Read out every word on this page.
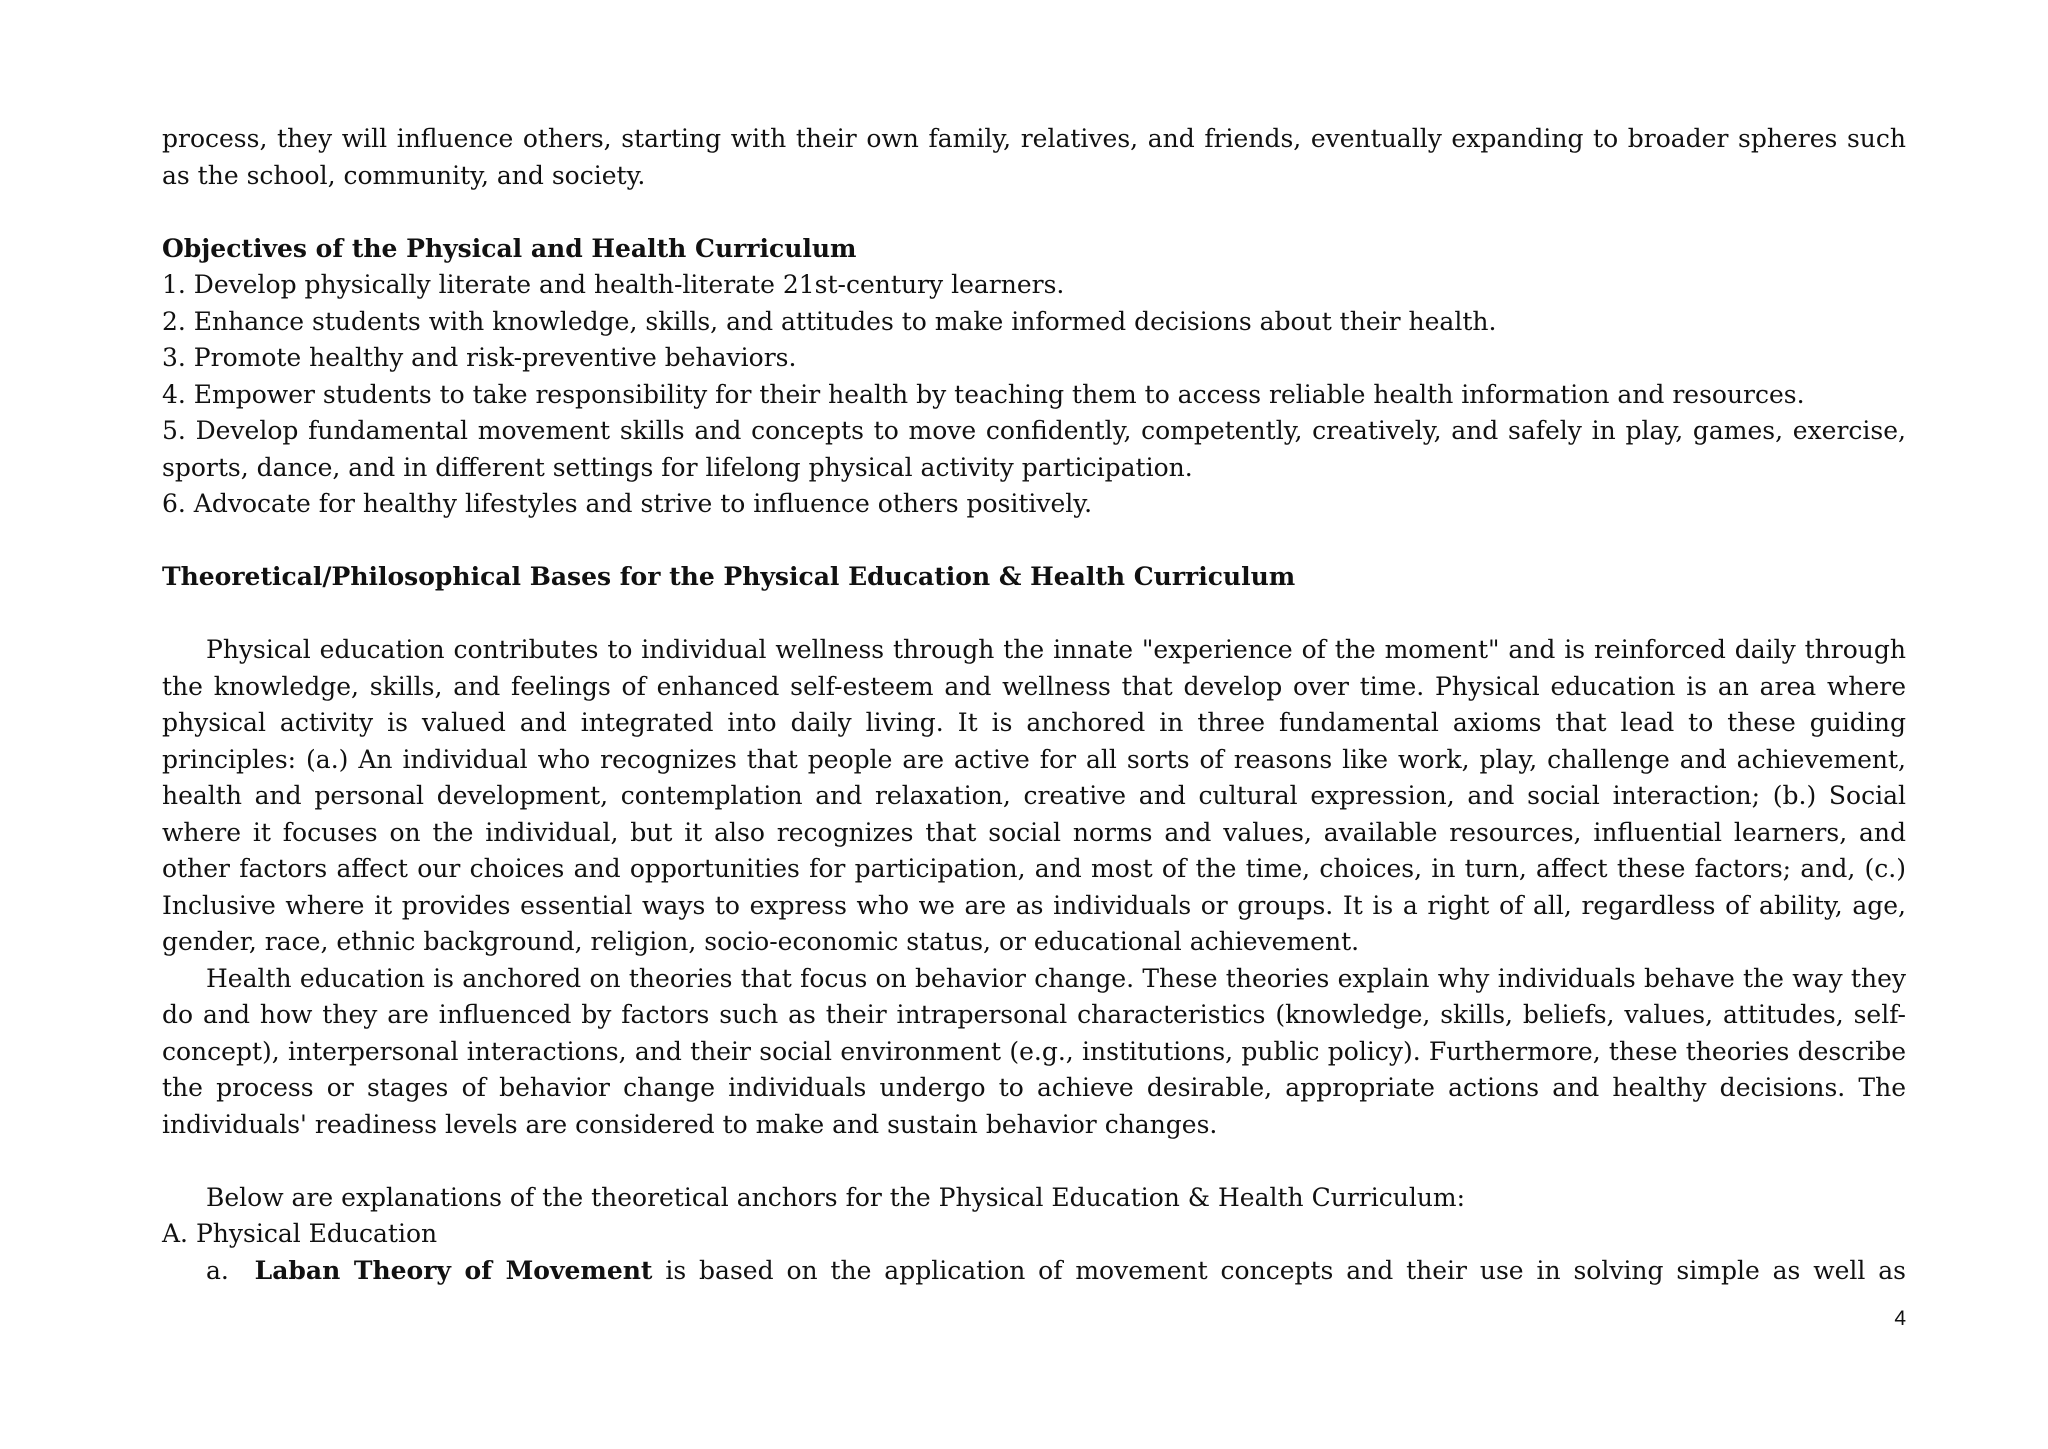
process, they will influence others, starting with their own family, relatives, and friends, eventually expanding to broader spheres such as the school, community, and society.

Objectives of the Physical and Health Curriculum

1. Develop physically literate and health-literate 21st-century learners.

2. Enhance students with knowledge, skills, and attitudes to make informed decisions about their health.

3. Promote healthy and risk-preventive behaviors.

4. Empower students to take responsibility for their health by teaching them to access reliable health information and resources.

5. Develop fundamental movement skills and concepts to move confidently, competently, creatively, and safely in play, games, exercise, sports, dance, and in different settings for lifelong physical activity participation.

6. Advocate for healthy lifestyles and strive to influence others positively.

Theoretical/Philosophical Bases for the Physical Education & Health Curriculum

Physical education contributes to individual wellness through the innate "experience of the moment" and is reinforced daily through the knowledge, skills, and feelings of enhanced self-esteem and wellness that develop over time. Physical education is an area where physical activity is valued and integrated into daily living. It is anchored in three fundamental axioms that lead to these guiding principles: (a.) An individual who recognizes that people are active for all sorts of reasons like work, play, challenge and achievement, health and personal development, contemplation and relaxation, creative and cultural expression, and social interaction; (b.) Social where it focuses on the individual, but it also recognizes that social norms and values, available resources, influential learners, and other factors affect our choices and opportunities for participation, and most of the time, choices, in turn, affect these factors; and, (c.) Inclusive where it provides essential ways to express who we are as individuals or groups. It is a right of all, regardless of ability, age, gender, race, ethnic background, religion, socio-economic status, or educational achievement.

Health education is anchored on theories that focus on behavior change. These theories explain why individuals behave the way they do and how they are influenced by factors such as their intrapersonal characteristics (knowledge, skills, beliefs, values, attitudes, self-concept), interpersonal interactions, and their social environment (e.g., institutions, public policy). Furthermore, these theories describe the process or stages of behavior change individuals undergo to achieve desirable, appropriate actions and healthy decisions. The individuals' readiness levels are considered to make and sustain behavior changes.

Below are explanations of the theoretical anchors for the Physical Education & Health Curriculum:

A. Physical Education

a. Laban Theory of Movement is based on the application of movement concepts and their use in solving simple as well as

4
